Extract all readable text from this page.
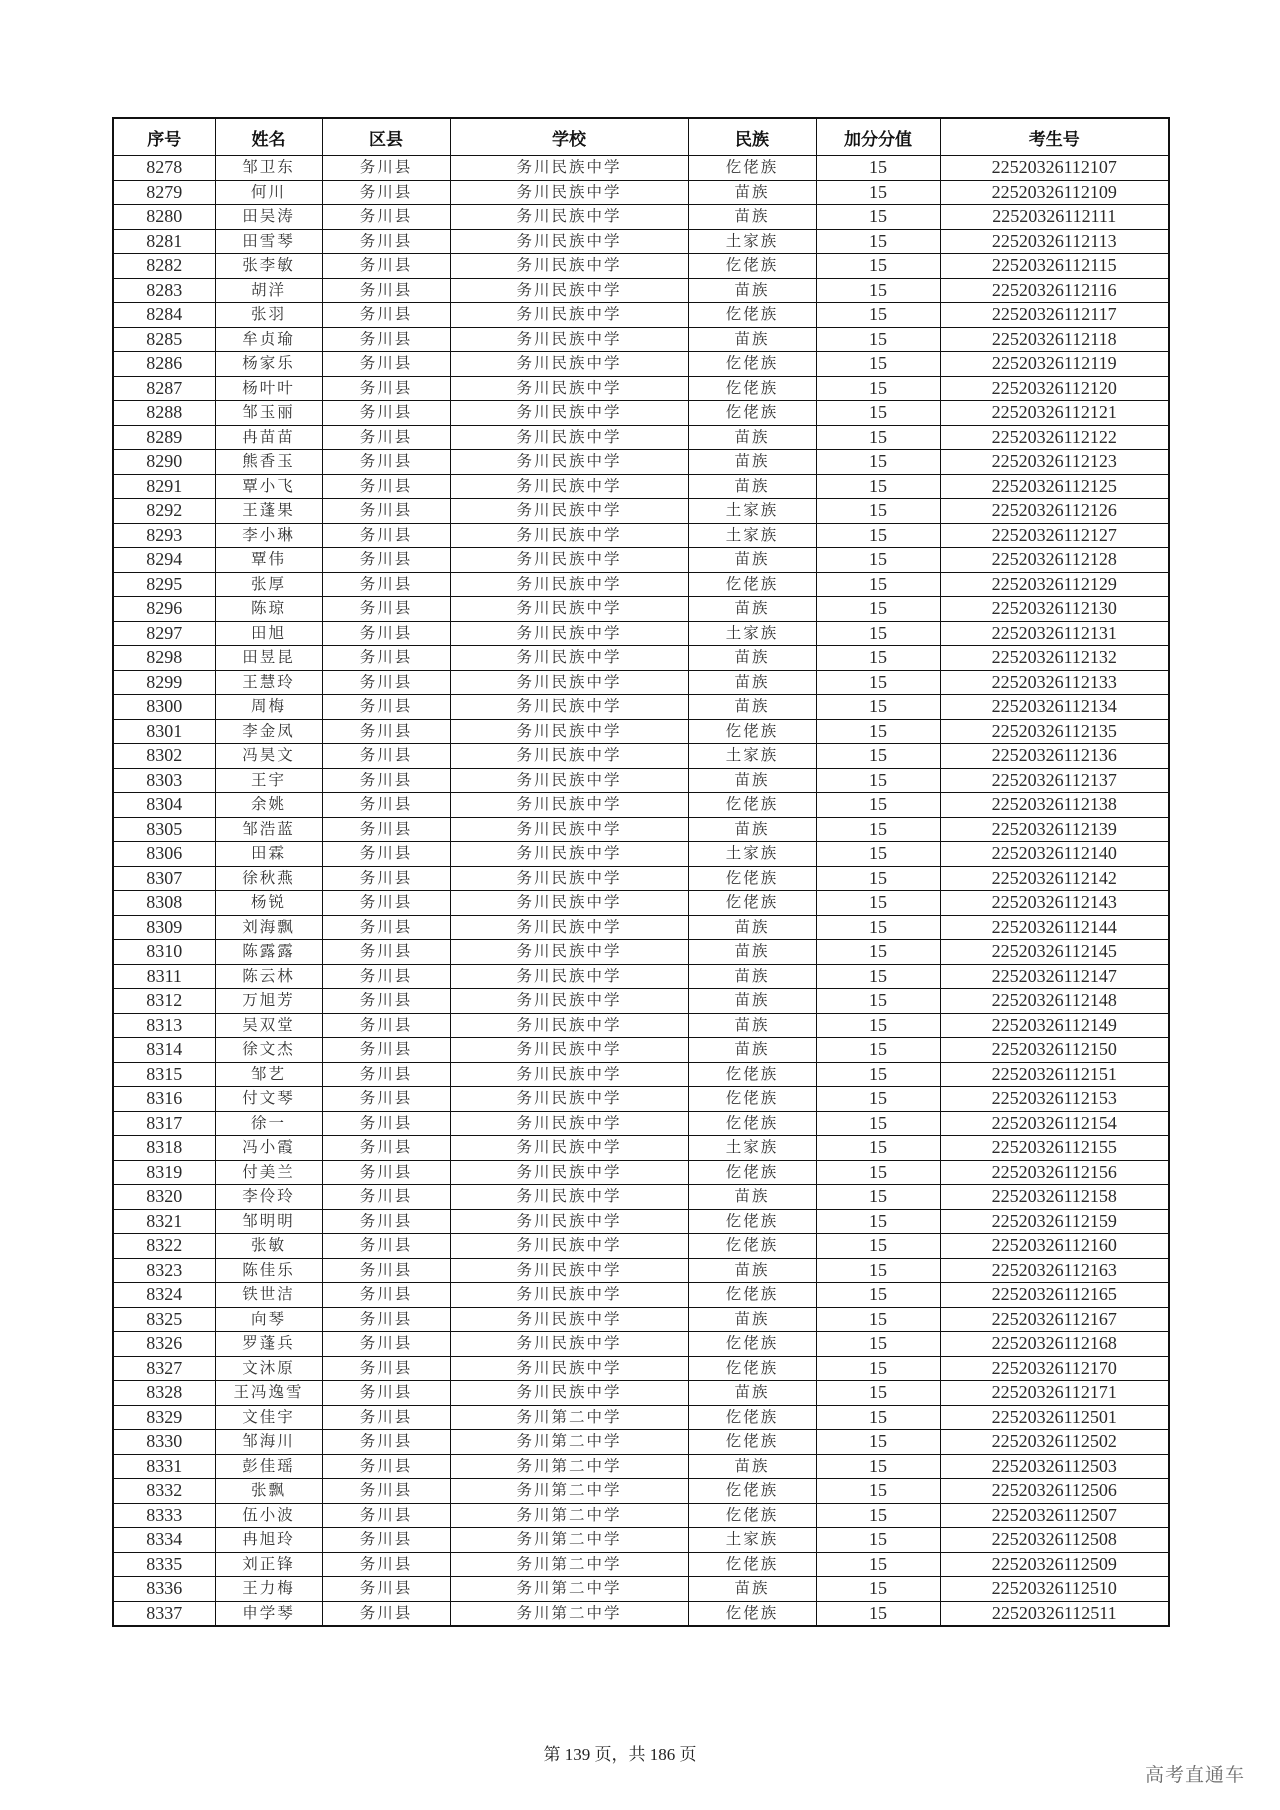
序号	姓名	区县	学校	民族	加分分值	考生号
8278	邹卫东	务川县	务川民族中学	仡佬族	15	22520326112107
8279	何川	务川县	务川民族中学	苗族	15	22520326112109
8280	田吴涛	务川县	务川民族中学	苗族	15	22520326112111
8281	田雪琴	务川县	务川民族中学	土家族	15	22520326112113
8282	张李敏	务川县	务川民族中学	仡佬族	15	22520326112115
8283	胡洋	务川县	务川民族中学	苗族	15	22520326112116
8284	张羽	务川县	务川民族中学	仡佬族	15	22520326112117
8285	牟贞瑜	务川县	务川民族中学	苗族	15	22520326112118
8286	杨家乐	务川县	务川民族中学	仡佬族	15	22520326112119
8287	杨叶叶	务川县	务川民族中学	仡佬族	15	22520326112120
8288	邹玉丽	务川县	务川民族中学	仡佬族	15	22520326112121
8289	冉苗苗	务川县	务川民族中学	苗族	15	22520326112122
8290	熊香玉	务川县	务川民族中学	苗族	15	22520326112123
8291	覃小飞	务川县	务川民族中学	苗族	15	22520326112125
8292	王蓬果	务川县	务川民族中学	土家族	15	22520326112126
8293	李小琳	务川县	务川民族中学	土家族	15	22520326112127
8294	覃伟	务川县	务川民族中学	苗族	15	22520326112128
8295	张厚	务川县	务川民族中学	仡佬族	15	22520326112129
8296	陈琼	务川县	务川民族中学	苗族	15	22520326112130
8297	田旭	务川县	务川民族中学	土家族	15	22520326112131
8298	田昱昆	务川县	务川民族中学	苗族	15	22520326112132
8299	王慧玲	务川县	务川民族中学	苗族	15	22520326112133
8300	周梅	务川县	务川民族中学	苗族	15	22520326112134
8301	李金凤	务川县	务川民族中学	仡佬族	15	22520326112135
8302	冯昊文	务川县	务川民族中学	土家族	15	22520326112136
8303	王宇	务川县	务川民族中学	苗族	15	22520326112137
8304	余姚	务川县	务川民族中学	仡佬族	15	22520326112138
8305	邹浩蓝	务川县	务川民族中学	苗族	15	22520326112139
8306	田霖	务川县	务川民族中学	土家族	15	22520326112140
8307	徐秋燕	务川县	务川民族中学	仡佬族	15	22520326112142
8308	杨锐	务川县	务川民族中学	仡佬族	15	22520326112143
8309	刘海飘	务川县	务川民族中学	苗族	15	22520326112144
8310	陈露露	务川县	务川民族中学	苗族	15	22520326112145
8311	陈云林	务川县	务川民族中学	苗族	15	22520326112147
8312	万旭芳	务川县	务川民族中学	苗族	15	22520326112148
8313	吴双堂	务川县	务川民族中学	苗族	15	22520326112149
8314	徐文杰	务川县	务川民族中学	苗族	15	22520326112150
8315	邹艺	务川县	务川民族中学	仡佬族	15	22520326112151
8316	付文琴	务川县	务川民族中学	仡佬族	15	22520326112153
8317	徐一	务川县	务川民族中学	仡佬族	15	22520326112154
8318	冯小霞	务川县	务川民族中学	土家族	15	22520326112155
8319	付美兰	务川县	务川民族中学	仡佬族	15	22520326112156
8320	李伶玲	务川县	务川民族中学	苗族	15	22520326112158
8321	邹明明	务川县	务川民族中学	仡佬族	15	22520326112159
8322	张敏	务川县	务川民族中学	仡佬族	15	22520326112160
8323	陈佳乐	务川县	务川民族中学	苗族	15	22520326112163
8324	铁世洁	务川县	务川民族中学	仡佬族	15	22520326112165
8325	向琴	务川县	务川民族中学	苗族	15	22520326112167
8326	罗蓬兵	务川县	务川民族中学	仡佬族	15	22520326112168
8327	文沐原	务川县	务川民族中学	仡佬族	15	22520326112170
8328	王冯逸雪	务川县	务川民族中学	苗族	15	22520326112171
8329	文佳宇	务川县	务川第二中学	仡佬族	15	22520326112501
8330	邹海川	务川县	务川第二中学	仡佬族	15	22520326112502
8331	彭佳瑶	务川县	务川第二中学	苗族	15	22520326112503
8332	张飘	务川县	务川第二中学	仡佬族	15	22520326112506
8333	伍小波	务川县	务川第二中学	仡佬族	15	22520326112507
8334	冉旭玲	务川县	务川第二中学	土家族	15	22520326112508
8335	刘正锋	务川县	务川第二中学	仡佬族	15	22520326112509
8336	王力梅	务川县	务川第二中学	苗族	15	22520326112510
8337	申学琴	务川县	务川第二中学	仡佬族	15	22520326112511
第 139 页，共 186 页
高考直通车
